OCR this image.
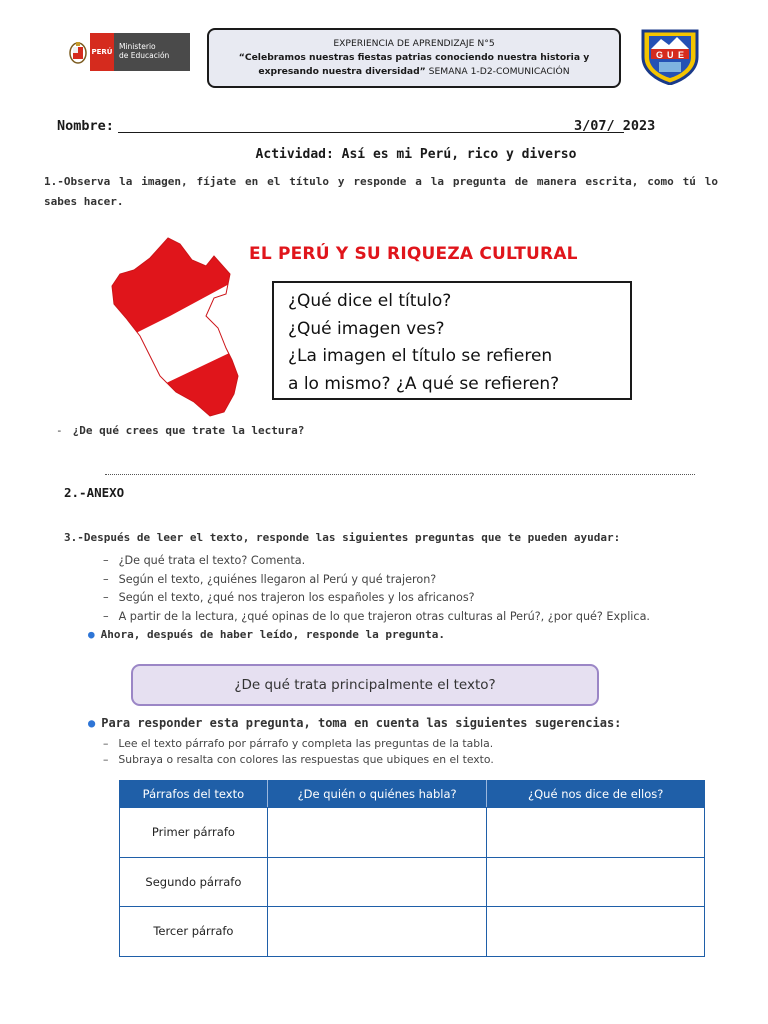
PERÚ
Ministerio
de Educación
EXPERIENCIA DE APRENDIZAJE N°5
“Celebramos nuestras fiestas patrias conociendo nuestra historia y
expresando nuestra diversidad” SEMANA 1-D2-COMUNICACIÓN
G U E
Nombre:	3/07/ 2023
Actividad: Así es mi Perú, rico y diverso
1.-Observa la imagen, fíjate en el título y responde a la pregunta de manera escrita, como tú lo sabes hacer.
EL PERÚ Y SU RIQUEZA CULTURAL
¿Qué dice el título?
¿Qué imagen ves?
¿La imagen el título se refieren
a lo mismo? ¿A qué se refieren?
- ¿De qué crees que trate la lectura?
2.-ANEXO
3.-Después de leer el texto, responde las siguientes preguntas que te pueden ayudar:
– ¿De qué trata el texto? Comenta.
– Según el texto, ¿quiénes llegaron al Perú y qué trajeron?
– Según el texto, ¿qué nos trajeron los españoles y los africanos?
– A partir de la lectura, ¿qué opinas de lo que trajeron otras culturas al Perú?, ¿por qué? Explica.
● Ahora, después de haber leído, responde la pregunta.
¿De qué trata principalmente el texto?
● Para responder esta pregunta, toma en cuenta las siguientes sugerencias:
– Lee el texto párrafo por párrafo y completa las preguntas de la tabla.
– Subraya o resalta con colores las respuestas que ubiques en el texto.
Párrafos del texto	¿De quién o quiénes habla?	¿Qué nos dice de ellos?
Primer párrafo		
Segundo párrafo		
Tercer párrafo		
